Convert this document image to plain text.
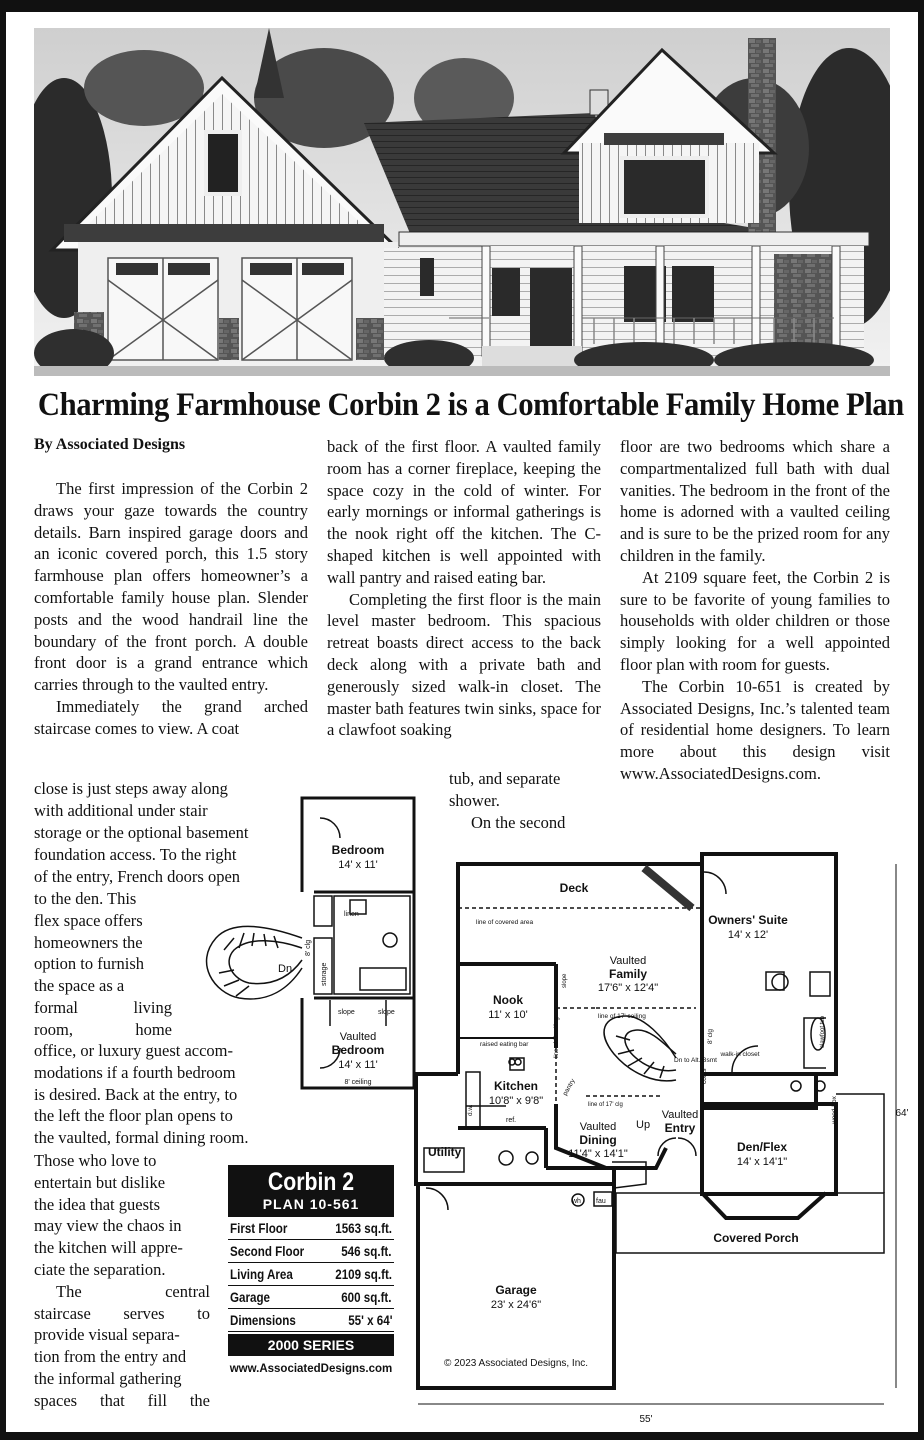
Charming Farmhouse Corbin 2 is a Comfortable Family Home Plan
By Associated Designs

The first impression of the Corbin 2 draws your gaze towards the country details. Barn inspired garage doors and an iconic covered porch, this 1.5 story farmhouse plan offers homeowner’s a comfortable family house plan. Slender posts and the wood handrail line the boundary of the front porch. A double front door is a grand entrance which carries through to the vaulted entry.

Immediately the grand arched staircase comes to view. A coat

close is just steps away along

with additional under stair

storage or the optional basement

foundation access. To the right

of the entry, French doors open

to the den. This

flex space offers

homeowners the

option to furnish

the space as a

formal living

room, home

office, or luxury guest accom-

modations if a fourth bedroom

is desired. Back at the entry, to

the left the floor plan opens to

the vaulted, formal dining room.

Those who love to

entertain but dislike

the idea that guests

may view the chaos in

the kitchen will appre-

ciate the separation.

The central

staircase serves to

provide visual separa-

tion from the entry and

the informal gathering

spaces that fill the

back of the first floor. A vaulted family room has a corner fireplace, keeping the space cozy in the cold of winter. For early mornings or informal gatherings is the nook right off the kitchen. The C-shaped kitchen is well appointed with wall pantry and raised eating bar.

Completing the first floor is the main level master bedroom. This spacious retreat boasts direct access to the back deck along with a private bath and generously sized walk-in closet. The master bath features twin sinks, space for a clawfoot soaking

tub, and separate

shower.

On the second

floor are two bedrooms which share a compartmentalized full bath with dual vanities. The bedroom in the front of the home is adorned with a vaulted ceiling and is sure to be the prized room for any children in the family.

At 2109 square feet, the Corbin 2 is sure to be favorite of young families to households with older children or those simply looking for a well appointed floor plan with room for guests.

The Corbin 10-651 is created by Associated Designs, Inc.’s talented team of residential home designers. To learn more about this design visit www.AssociatedDesigns.com.

Bedroom
14' x 11'
Vaulted
Bedroom
14' x 11'
Dn
linen
storage
slope	slope
8' ceiling
8' clg
Deck
line of covered area
Vaulted
Family
17'6" x 12'4"
line of 17' ceiling
Owners' Suite
14' x 12'
Nook
11' x 10'
raised eating bar
Kitchen
10'8" x 9'8"
pantry
ref.
d.w.
walk-in closet
clawfoot tub
Dn to Alt. Bsmt
coats
Vaulted
Dining
11'4" x 14'1"
Up
Vaulted
Entry
Den/Flex
14' x 14'1"
wood box
Utility
wh fau
Covered Porch
Garage
23' x 24'6"
© 2023 Associated Designs, Inc.
64'
55'
slope
line of 8' ceiling
line of 17' clg
8' clg
Corbin 2
PLAN 10-561
First Floor	1563 sq.ft.
Second Floor	546 sq.ft.
Living Area	2109 sq.ft.
Garage	600 sq.ft.
Dimensions	55' x 64'
2000 SERIES
www.AssociatedDesigns.com
